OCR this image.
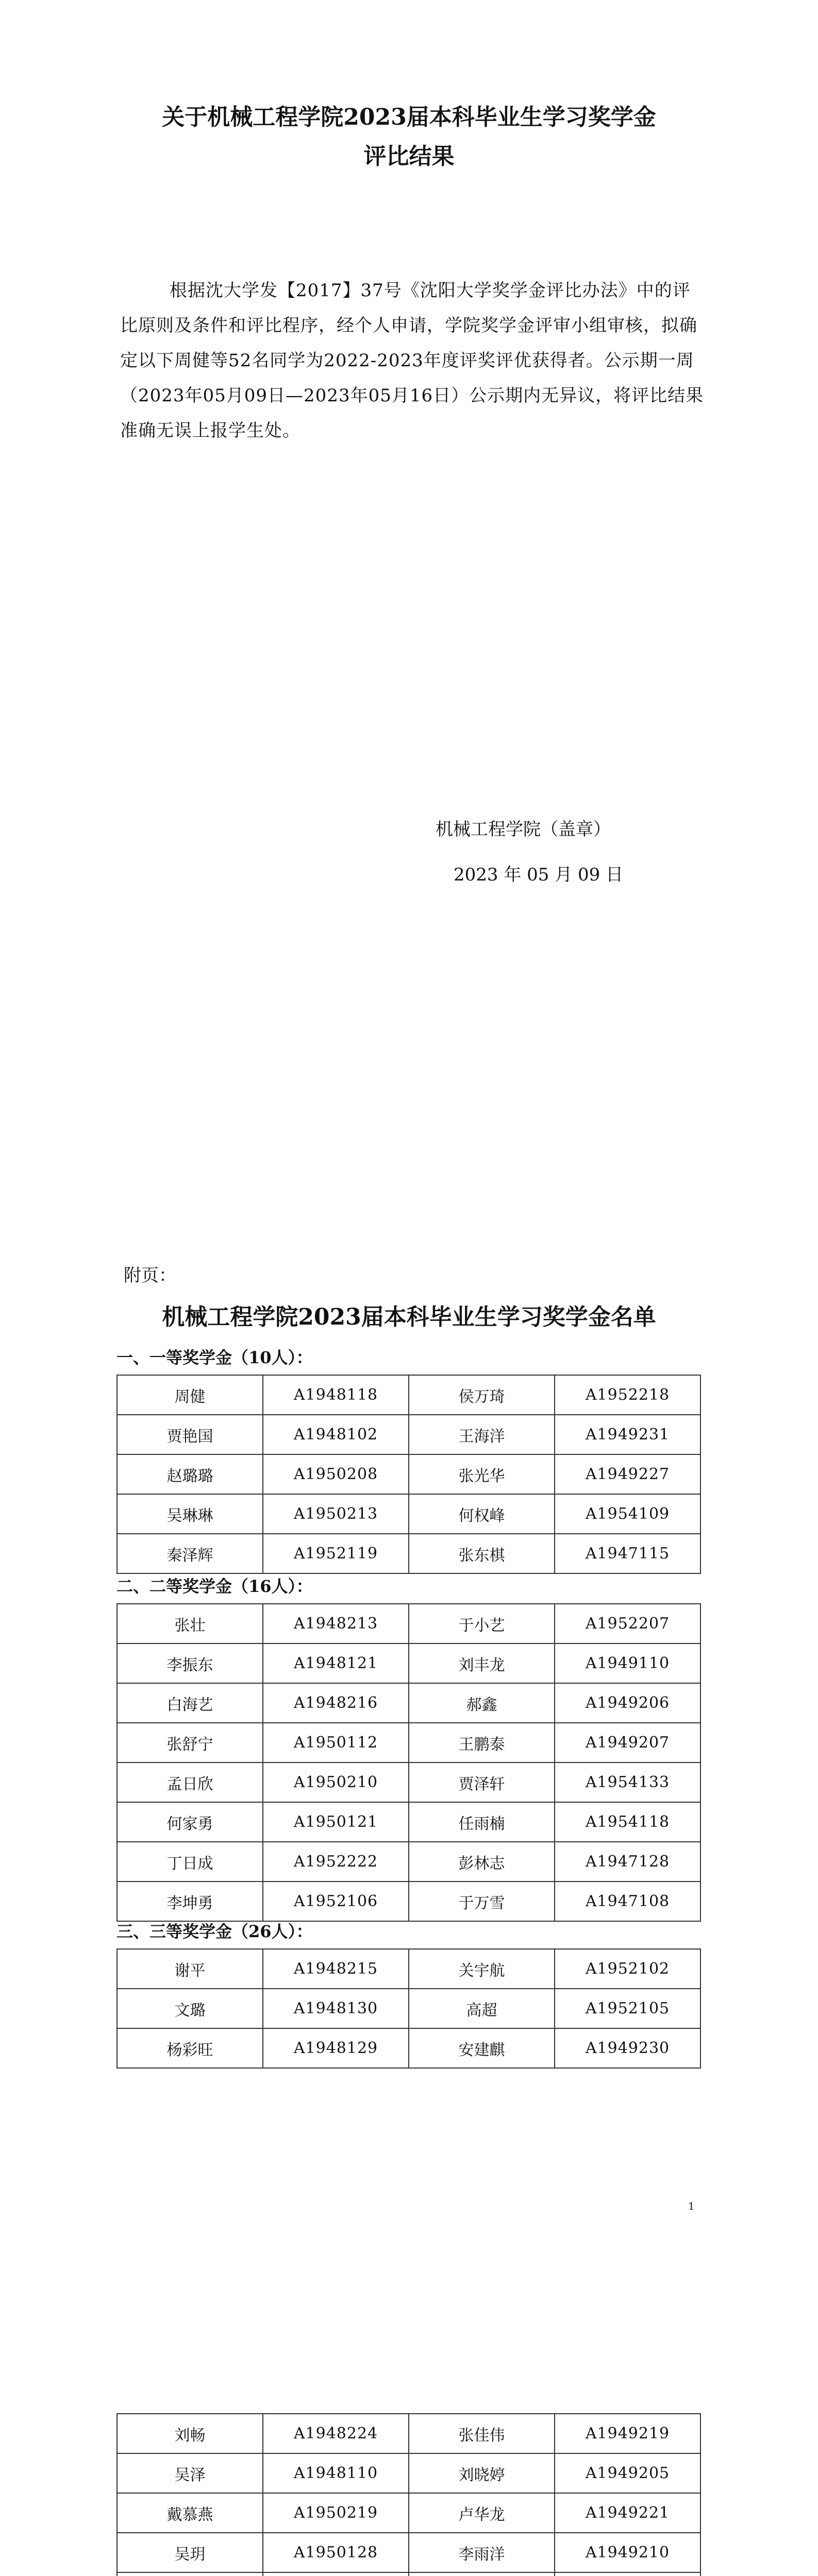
关于机械工程学院2023届本科毕业生学习奖学金
评比结果
根据沈大学发【2017】37号《沈阳大学奖学金评比办法》中的评比原则及条件和评比程序，经个人申请，学院奖学金评审小组审核，拟确定以下周健等52名同学为2022-2023年度评奖评优获得者。公示期一周（2023年05月09日—2023年05月16日）公示期内无异议，将评比结果准确无误上报学生处。
机械工程学院（盖章）
2023 年 05 月 09 日
附页：
机械工程学院2023届本科毕业生学习奖学金名单
一、一等奖学金（10人）：
周健	A1948118	侯万琦	A1952218
贾艳国	A1948102	王海洋	A1949231
赵璐璐	A1950208	张光华	A1949227
吴琳琳	A1950213	何权峰	A1954109
秦泽辉	A1952119	张东棋	A1947115
二、二等奖学金（16人）：
张壮	A1948213	于小艺	A1952207
李振东	A1948121	刘丰龙	A1949110
白海艺	A1948216	郝鑫	A1949206
张舒宁	A1950112	王鹏泰	A1949207
孟日欣	A1950210	贾泽轩	A1954133
何家勇	A1950121	任雨楠	A1954118
丁日成	A1952222	彭林志	A1947128
李坤勇	A1952106	于万雪	A1947108
三、三等奖学金（26人）：
谢平	A1948215	关宇航	A1952102
文璐	A1948130	高超	A1952105
杨彩旺	A1948129	安建麒	A1949230
1
刘畅	A1948224	张佳伟	A1949219
吴泽	A1948110	刘晓婷	A1949205
戴慕燕	A1950219	卢华龙	A1949221
吴玥	A1950128	李雨洋	A1949210
